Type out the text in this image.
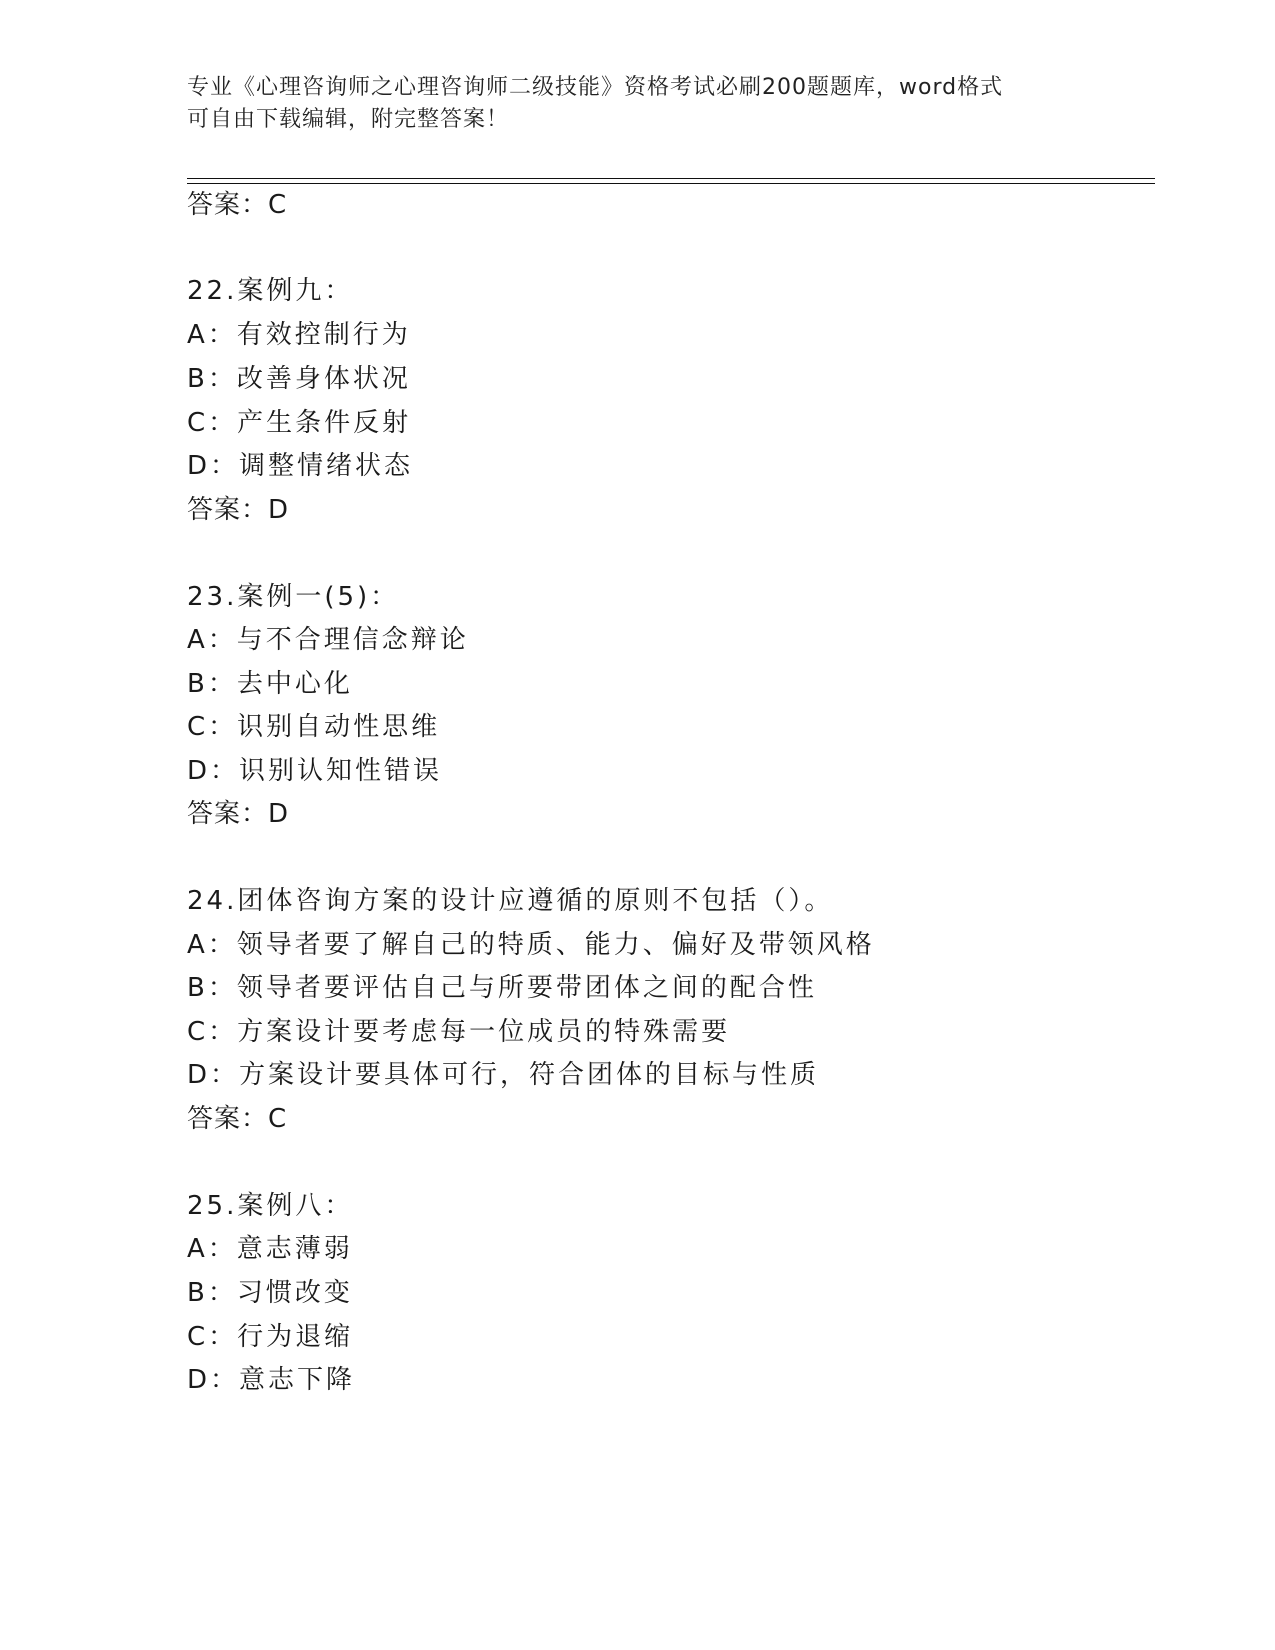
专业《心理咨询师之心理咨询师二级技能》资格考试必刷200题题库，word格式
可自由下载编辑，附完整答案！
答案：C
22.案例九：
A：有效控制行为
B：改善身体状况
C：产生条件反射
D：调整情绪状态
答案：D
23.案例一(5)：
A：与不合理信念辩论
B：去中心化
C：识别自动性思维
D：识别认知性错误
答案：D
24.团体咨询方案的设计应遵循的原则不包括（）。
A：领导者要了解自己的特质、能力、偏好及带领风格
B：领导者要评估自己与所要带团体之间的配合性
C：方案设计要考虑每一位成员的特殊需要
D：方案设计要具体可行，符合团体的目标与性质
答案：C
25.案例八：
A：意志薄弱
B：习惯改变
C：行为退缩
D：意志下降
